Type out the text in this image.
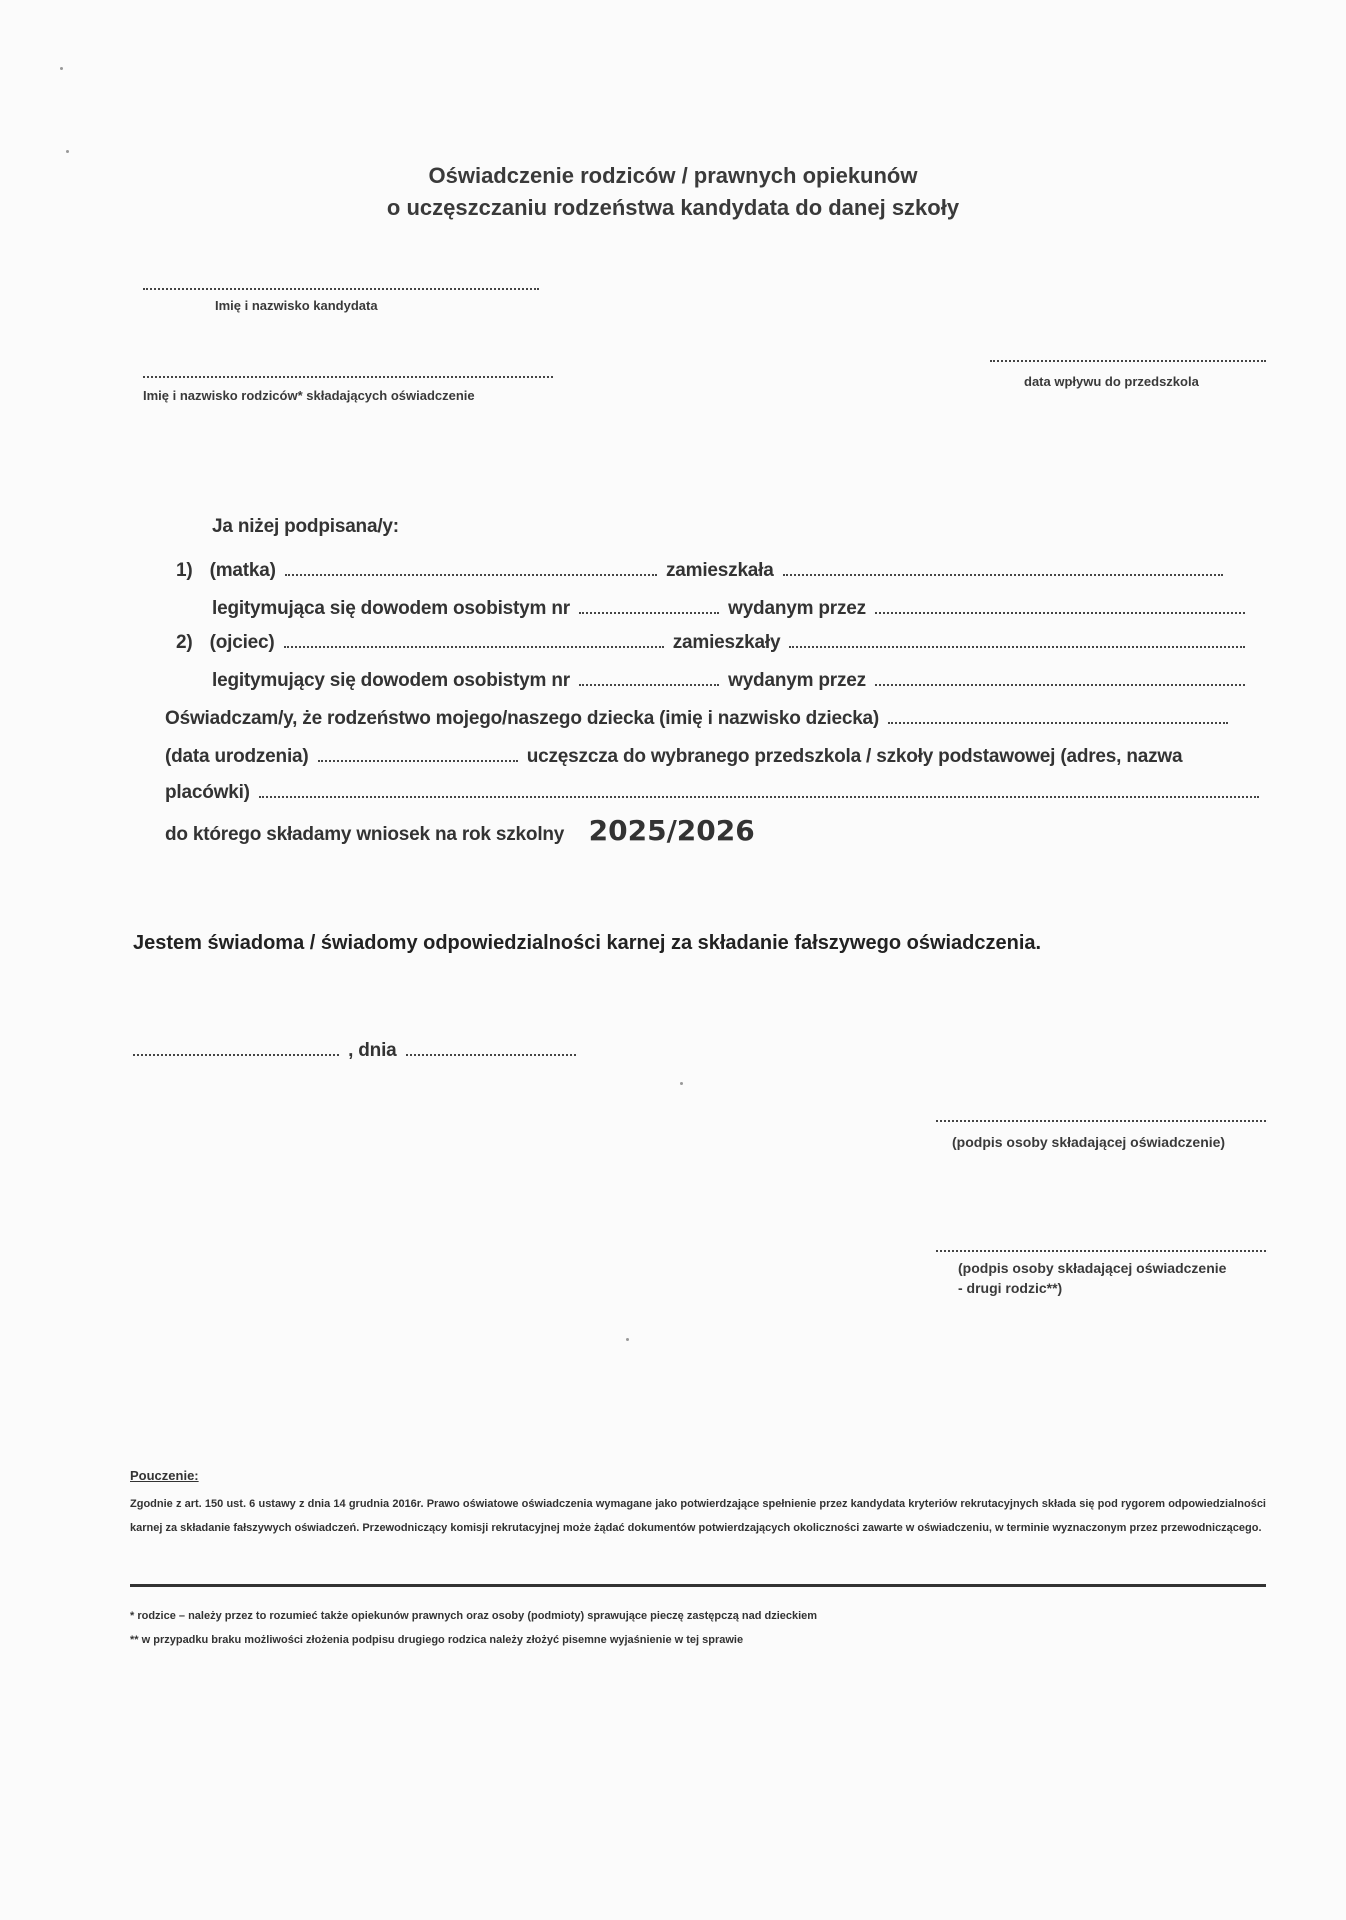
Oświadczenie rodziców / prawnych opiekunów
o uczęszczaniu rodzeństwa kandydata do danej szkoły
Imię i nazwisko kandydata
Imię i nazwisko rodziców* składających oświadczenie
data wpływu do przedszkola
Ja niżej podpisana/y:
1) (matka)	zamieszkała
legitymująca się dowodem osobistym nr	wydanym przez
2) (ojciec)	zamieszkały
legitymujący się dowodem osobistym nr	wydanym przez
Oświadczam/y, że rodzeństwo mojego/naszego dziecka (imię i nazwisko dziecka)
(data urodzenia)	uczęszcza do wybranego przedszkola / szkoły podstawowej (adres, nazwa
placówki)
do którego składamy wniosek na rok szkolny 2025/2026
Jestem świadoma / świadomy odpowiedzialności karnej za składanie fałszywego oświadczenia.
, dnia
(podpis osoby składającej oświadczenie)
(podpis osoby składającej oświadczenie
- drugi rodzic**)
Pouczenie:
Zgodnie z art. 150 ust. 6 ustawy z dnia 14 grudnia 2016r. Prawo oświatowe oświadczenia wymagane jako potwierdzające spełnienie przez kandydata kryteriów rekrutacyjnych składa się pod rygorem odpowiedzialności karnej za składanie fałszywych oświadczeń. Przewodniczący komisji rekrutacyjnej może żądać dokumentów potwierdzających okoliczności zawarte w oświadczeniu, w terminie wyznaczonym przez przewodniczącego.
* rodzice – należy przez to rozumieć także opiekunów prawnych oraz osoby (podmioty) sprawujące pieczę zastępczą nad dzieckiem
** w przypadku braku możliwości złożenia podpisu drugiego rodzica należy złożyć pisemne wyjaśnienie w tej sprawie
